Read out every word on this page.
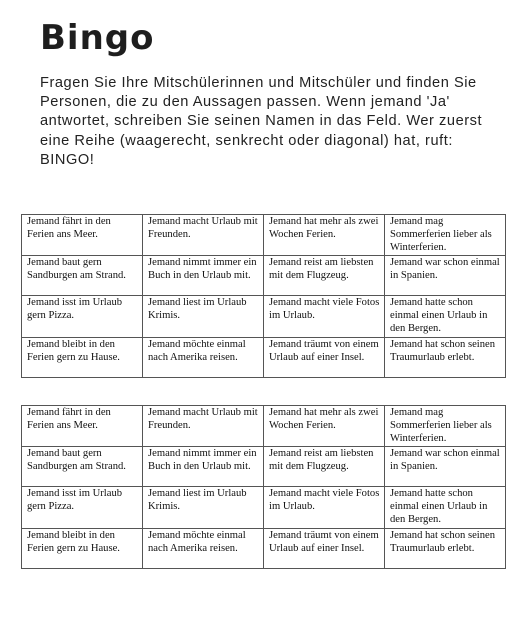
Bingo

Fragen Sie Ihre Mitschülerinnen und Mitschüler und finden Sie Personen, die zu den Aussagen passen. Wenn jemand 'Ja' antwortet, schreiben Sie seinen Namen in das Feld. Wer zuerst eine Reihe (waagerecht, senkrecht oder diagonal) hat, ruft: BINGO!

Jemand fährt in den Ferien ans Meer.	Jemand macht Urlaub mit Freunden.	Jemand hat mehr als zwei Wochen Ferien.	Jemand mag Sommerferien lieber als Winterferien.
Jemand baut gern Sandburgen am Strand.	Jemand nimmt immer ein Buch in den Urlaub mit.	Jemand reist am liebsten mit dem Flugzeug.	Jemand war schon einmal in Spanien.
Jemand isst im Urlaub gern Pizza.	Jemand liest im Urlaub Krimis.	Jemand macht viele Fotos im Urlaub.	Jemand hatte schon einmal einen Urlaub in den Bergen.
Jemand bleibt in den Ferien gern zu Hause.	Jemand möchte einmal nach Amerika reisen.	Jemand träumt von einem Urlaub auf einer Insel.	Jemand hat schon seinen Traumurlaub erlebt.
Jemand fährt in den Ferien ans Meer.	Jemand macht Urlaub mit Freunden.	Jemand hat mehr als zwei Wochen Ferien.	Jemand mag Sommerferien lieber als Winterferien.
Jemand baut gern Sandburgen am Strand.	Jemand nimmt immer ein Buch in den Urlaub mit.	Jemand reist am liebsten mit dem Flugzeug.	Jemand war schon einmal in Spanien.
Jemand isst im Urlaub gern Pizza.	Jemand liest im Urlaub Krimis.	Jemand macht viele Fotos im Urlaub.	Jemand hatte schon einmal einen Urlaub in den Bergen.
Jemand bleibt in den Ferien gern zu Hause.	Jemand möchte einmal nach Amerika reisen.	Jemand träumt von einem Urlaub auf einer Insel.	Jemand hat schon seinen Traumurlaub erlebt.
